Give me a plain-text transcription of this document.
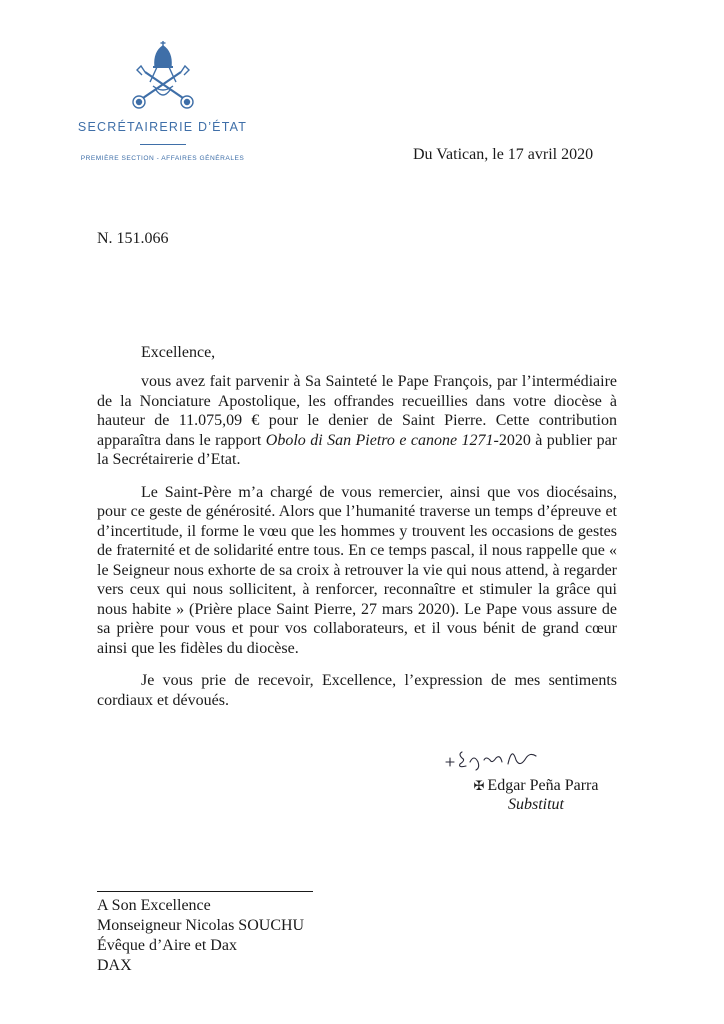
SECRÉTAIRERIE D’ÉTAT
PREMIÈRE SECTION - AFFAIRES GÉNÉRALES	Du Vatican, le 17 avril 2020
N. 151.066
Excellence,

vous avez fait parvenir à Sa Sainteté le Pape François, par l’intermédiaire de la Nonciature Apostolique, les offrandes recueillies dans votre diocèse à hauteur de 11.075,09 € pour le denier de Saint Pierre. Cette contribution apparaîtra dans le rapport Obolo di San Pietro e canone 1271-2020 à publier par la Secrétairerie d’Etat.

Le Saint-Père m’a chargé de vous remercier, ainsi que vos diocésains, pour ce geste de générosité. Alors que l’humanité traverse un temps d’épreuve et d’incertitude, il forme le vœu que les hommes y trouvent les occasions de gestes de fraternité et de solidarité entre tous. En ce temps pascal, il nous rappelle que « le Seigneur nous exhorte de sa croix à retrouver la vie qui nous attend, à regarder vers ceux qui nous sollicitent, à renforcer, reconnaître et stimuler la grâce qui nous habite » (Prière place Saint Pierre, 27 mars 2020). Le Pape vous assure de sa prière pour vous et pour vos collaborateurs, et il vous bénit de grand cœur ainsi que les fidèles du diocèse.

Je vous prie de recevoir, Excellence, l’expression de mes sentiments cordiaux et dévoués.

✠ Edgar Peña Parra
Substitut
A Son Excellence
Monseigneur Nicolas SOUCHU
Évêque d’Aire et Dax
DAX
